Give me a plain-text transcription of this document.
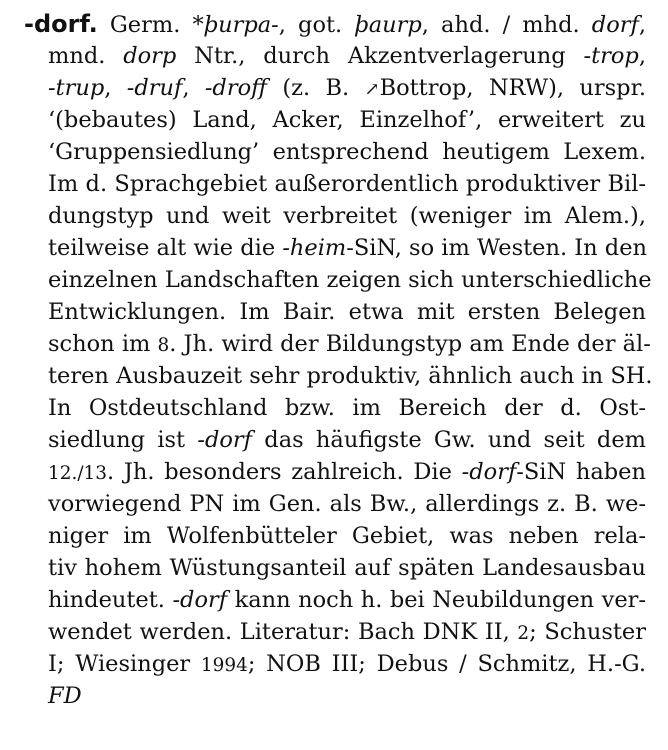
-dorf. Germ. *þurpa-, got. þaurp, ahd. / mhd. dorf,
mnd. dorp Ntr., durch Akzentverlagerung -trop,
-trup, -druf, -droff (z. B. ↗Bottrop, NRW), urspr.
‘(bebautes) Land, Acker, Einzelhof’, erweitert zu
‘Gruppensiedlung’ entsprechend heutigem Lexem.
Im d. Sprachgebiet außerordentlich produktiver Bil-
dungstyp und weit verbreitet (weniger im Alem.),
teilweise alt wie die -heim-SiN, so im Westen. In den
einzelnen Landschaften zeigen sich unterschiedliche
Entwicklungen. Im Bair. etwa mit ersten Belegen
schon im 8. Jh. wird der Bildungstyp am Ende der äl-
teren Ausbauzeit sehr produktiv, ähnlich auch in SH.
In Ostdeutschland bzw. im Bereich der d. Ost-
siedlung ist -dorf das häufigste Gw. und seit dem
12./13. Jh. besonders zahlreich. Die -dorf-SiN haben
vorwiegend PN im Gen. als Bw., allerdings z. B. we-
niger im Wolfenbütteler Gebiet, was neben rela-
tiv hohem Wüstungsanteil auf späten Landesausbau
hindeutet. -dorf kann noch h. bei Neubildungen ver-
wendet werden. Literatur: Bach DNK II, 2; Schuster
I; Wiesinger 1994; NOB III; Debus / Schmitz, H.-G.
FD
